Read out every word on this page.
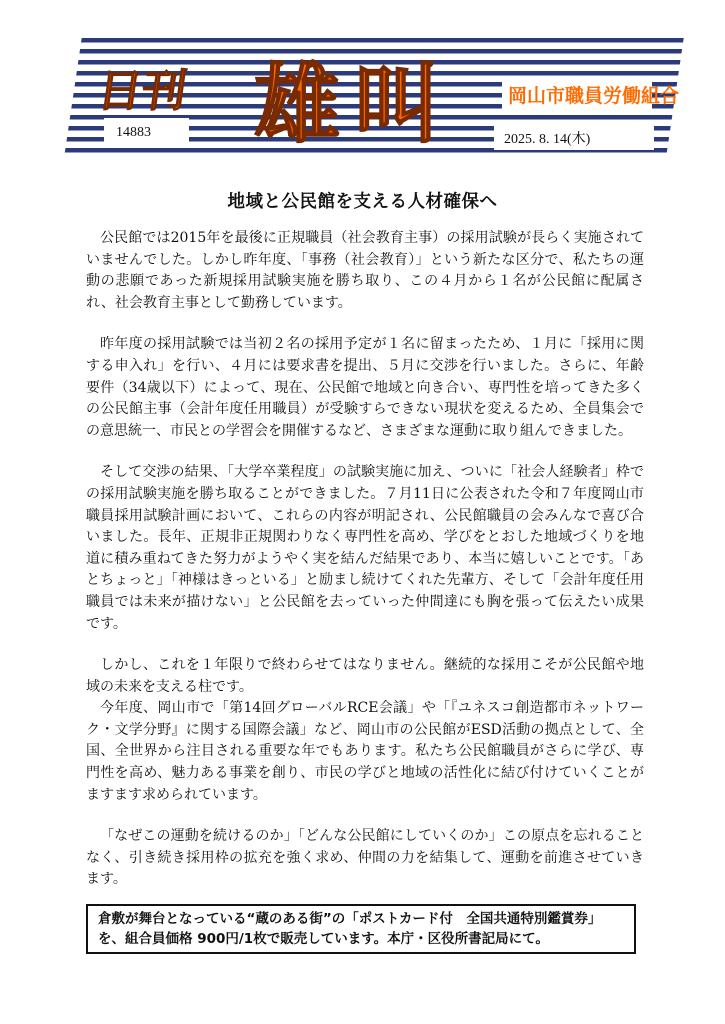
日刊 雄 叫	岡山市職員労働組合
14883	2025. 8. 14(木)
地域と公民館を支える人材確保へ

公民館では2015年を最後に正規職員（社会教育主事）の採用試験が長らく実施されていませんでした。しかし昨年度、「事務（社会教育）」という新たな区分で、私たちの運動の悲願であった新規採用試験実施を勝ち取り、この４月から１名が公民館に配属され、社会教育主事として勤務しています。

昨年度の採用試験では当初２名の採用予定が１名に留まったため、１月に「採用に関する申入れ」を行い、４月には要求書を提出、５月に交渉を行いました。さらに、年齢要件（34歳以下）によって、現在、公民館で地域と向き合い、専門性を培ってきた多くの公民館主事（会計年度任用職員）が受験すらできない現状を変えるため、全員集会での意思統一、市民との学習会を開催するなど、さまざまな運動に取り組んできました。

そして交渉の結果、「大学卒業程度」の試験実施に加え、ついに「社会人経験者」枠での採用試験実施を勝ち取ることができました。７月11日に公表された令和７年度岡山市職員採用試験計画において、これらの内容が明記され、公民館職員の会みんなで喜び合いました。長年、正規非正規関わりなく専門性を高め、学びをとおした地域づくりを地道に積み重ねてきた努力がようやく実を結んだ結果であり、本当に嬉しいことです。「あとちょっと」「神様はきっといる」と励まし続けてくれた先輩方、そして「会計年度任用職員では未来が描けない」と公民館を去っていった仲間達にも胸を張って伝えたい成果です。

しかし、これを１年限りで終わらせてはなりません。継続的な採用こそが公民館や地域の未来を支える柱です。

今年度、岡山市で「第14回グローバルRCE会議」や「『ユネスコ創造都市ネットワーク・文学分野』に関する国際会議」など、岡山市の公民館がESD活動の拠点として、全国、全世界から注目される重要な年でもあります。私たち公民館職員がさらに学び、専門性を高め、魅力ある事業を創り、市民の学びと地域の活性化に結び付けていくことがますます求められています。

「なぜこの運動を続けるのか」「どんな公民館にしていくのか」この原点を忘れることなく、引き続き採用枠の拡充を強く求め、仲間の力を結集して、運動を前進させていきます。

倉敷が舞台となっている“蔵のある街”の「ポストカード付　全国共通特別鑑賞券」を、組合員価格 900円/1枚で販売しています。本庁・区役所書記局にて。
